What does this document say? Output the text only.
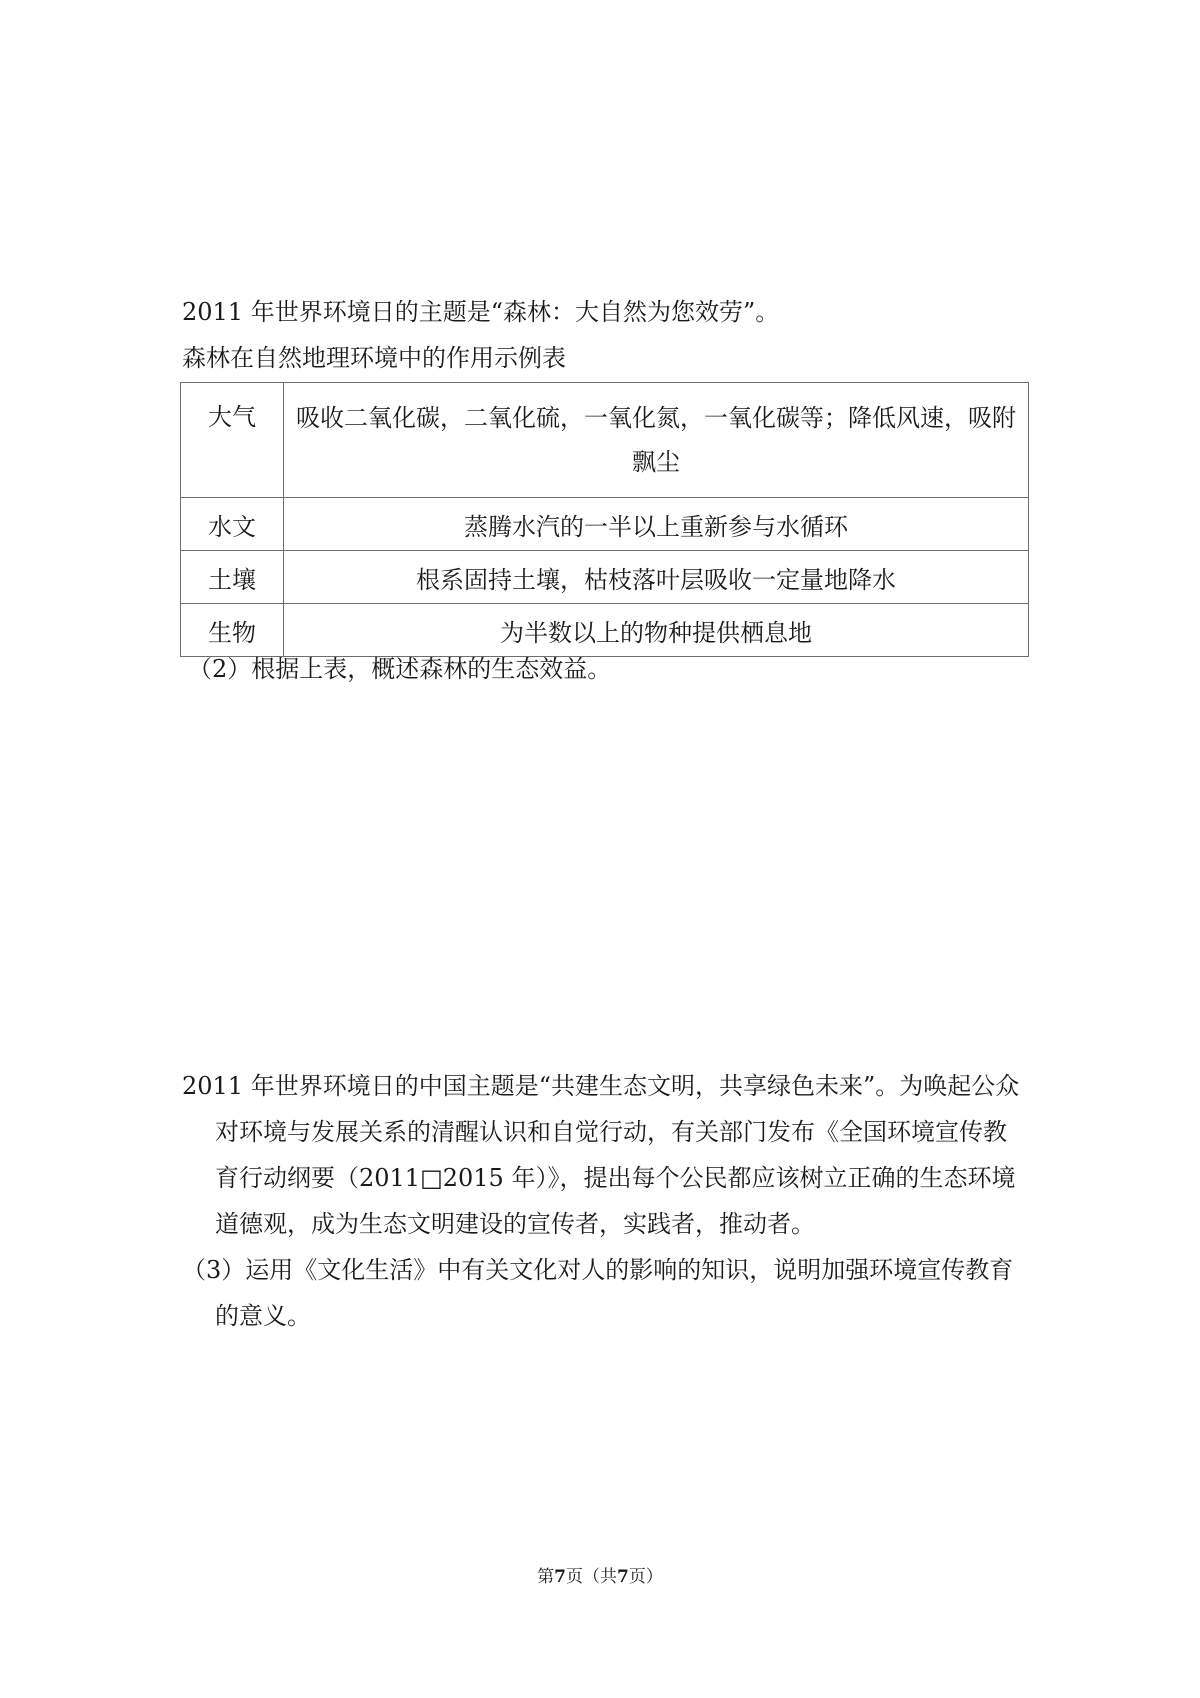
2011 年世界环境日的主题是“森林：大自然为您效劳”。
森林在自然地理环境中的作用示例表
大气	吸收二氧化碳，二氧化硫，一氧化氮，一氧化碳等；降低风速，吸附
飘尘
水文	蒸腾水汽的一半以上重新参与水循环
土壤	根系固持土壤，枯枝落叶层吸收一定量地降水
生物	为半数以上的物种提供栖息地
（2）根据上表，概述森林的生态效益。
2011 年世界环境日的中国主题是“共建生态文明，共享绿色未来”。为唤起公众
对环境与发展关系的清醒认识和自觉行动，有关部门发布《全国环境宣传教
育行动纲要（2011□2015 年）》，提出每个公民都应该树立正确的生态环境
道德观，成为生态文明建设的宣传者，实践者，推动者。
（3）运用《文化生活》中有关文化对人的影响的知识，说明加强环境宣传教育
的意义。
第7页（共7页）
